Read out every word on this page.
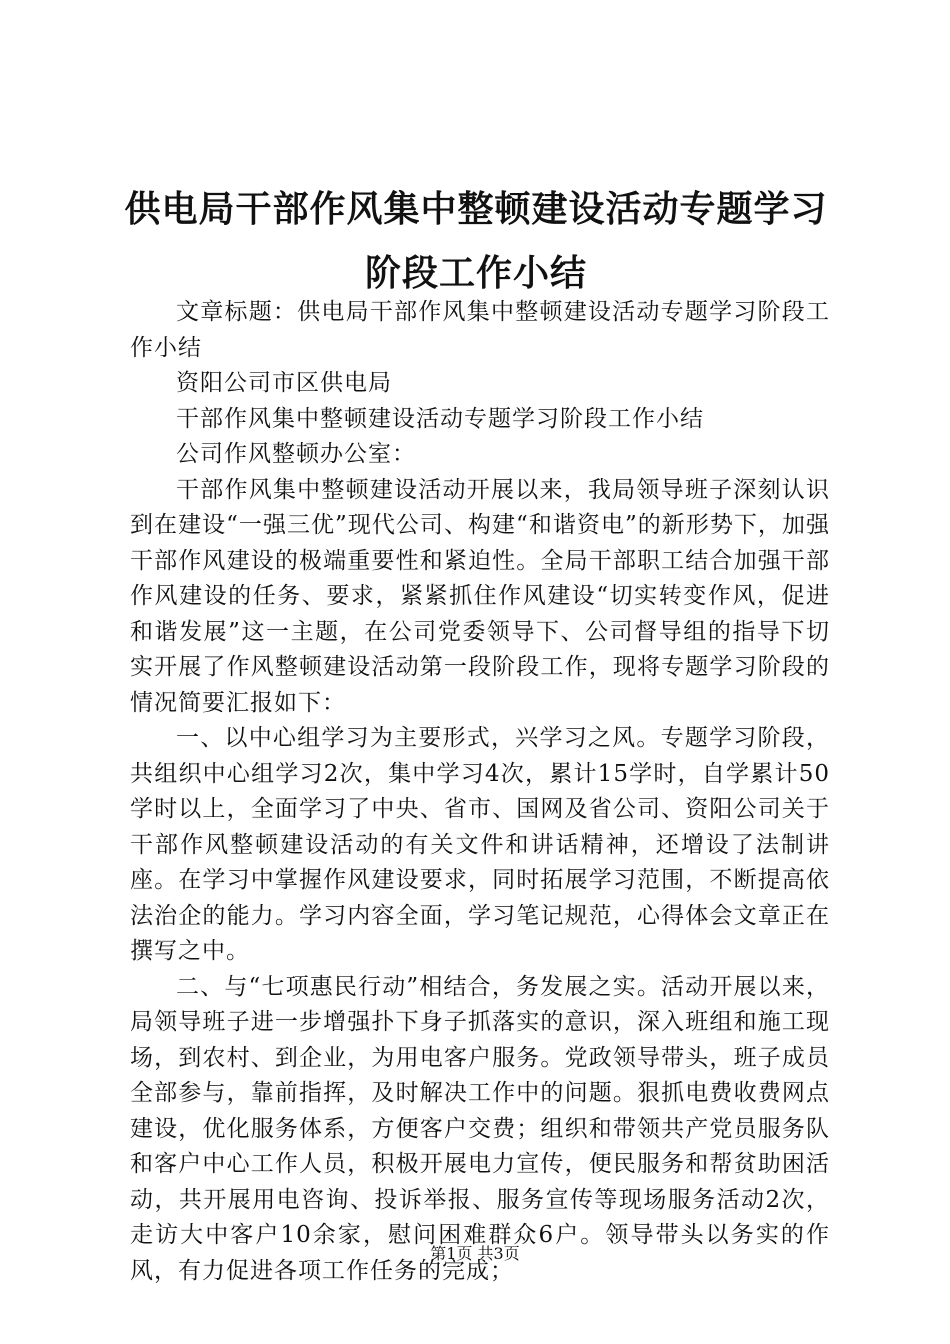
供电局干部作风集中整顿建设活动专题学习阶段工作小结

文章标题：供电局干部作风集中整顿建设活动专题学习阶段工作小结

资阳公司市区供电局

干部作风集中整顿建设活动专题学习阶段工作小结

公司作风整顿办公室：

干部作风集中整顿建设活动开展以来，我局领导班子深刻认识到在建设“一强三优”现代公司、构建“和谐资电”的新形势下，加强干部作风建设的极端重要性和紧迫性。全局干部职工结合加强干部作风建设的任务、要求，紧紧抓住作风建设“切实转变作风，促进和谐发展”这一主题，在公司党委领导下、公司督导组的指导下切实开展了作风整顿建设活动第一段阶段工作，现将专题学习阶段的情况简要汇报如下：

一、以中心组学习为主要形式，兴学习之风。专题学习阶段，共组织中心组学习2次，集中学习4次，累计15学时，自学累计50学时以上，全面学习了中央、省市、国网及省公司、资阳公司关于干部作风整顿建设活动的有关文件和讲话精神，还增设了法制讲座。在学习中掌握作风建设要求，同时拓展学习范围，不断提高依法治企的能力。学习内容全面，学习笔记规范，心得体会文章正在撰写之中。

二、与“七项惠民行动”相结合，务发展之实。活动开展以来，局领导班子进一步增强扑下身子抓落实的意识，深入班组和施工现场，到农村、到企业，为用电客户服务。党政领导带头，班子成员全部参与，靠前指挥，及时解决工作中的问题。狠抓电费收费网点建设，优化服务体系，方便客户交费；组织和带领共产党员服务队和客户中心工作人员，积极开展电力宣传，便民服务和帮贫助困活动，共开展用电咨询、投诉举报、服务宣传等现场服务活动2次，走访大中客户10余家，慰问困难群众6户。领导带头以务实的作风，有力促进各项工作任务的完成；

第1页 共3页
